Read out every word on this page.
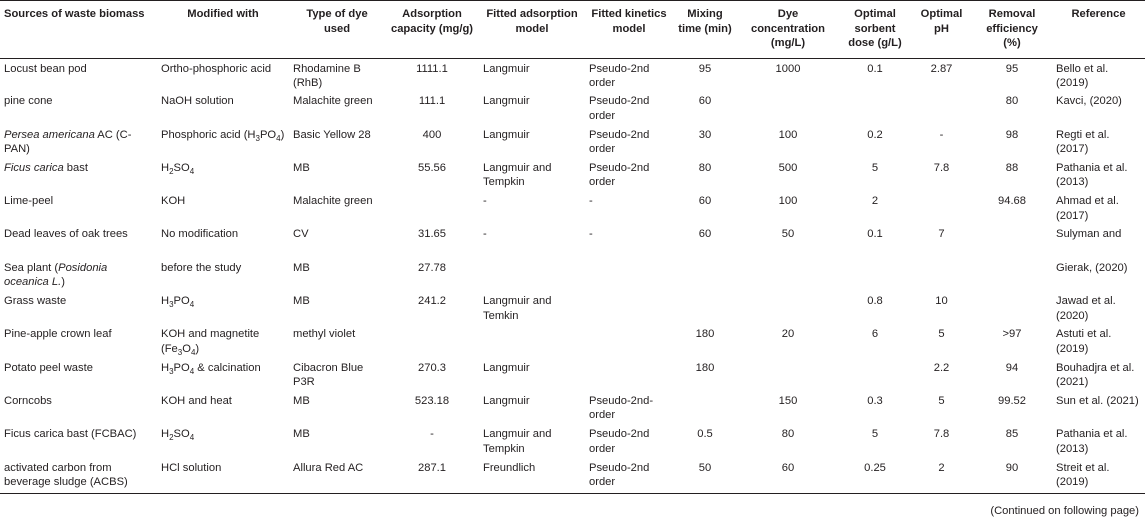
Sources of waste biomass	Modified with	Type of dye used	Adsorption capacity (mg/g)	Fitted adsorption model	Fitted kinetics model	Mixing time (min)	Dye concentration (mg/L)	Optimal sorbent dose (g/L)	Optimal pH	Removal efficiency (%)	Reference
Locust bean pod	Ortho-phosphoric acid	Rhodamine B (RhB)	1111.1	Langmuir	Pseudo-2nd order	95	1000	0.1	2.87	95	Bello et al. (2019)
pine cone	NaOH solution	Malachite green	111.1	Langmuir	Pseudo-2nd order	60				80	Kavci, (2020)
Persea americana AC (C-PAN)	Phosphoric acid $(H_3PO_4)$	Basic Yellow 28	400	Langmuir	Pseudo-2nd order	30	100	0.2	-	98	Regti et al. (2017)
Ficus carica bast	$H_2SO_4$	MB	55.56	Langmuir and Tempkin	Pseudo-2nd order	80	500	5	7.8	88	Pathania et al. (2013)
Lime-peel	KOH	Malachite green		-	-	60	100	2		94.68	Ahmad et al. (2017)
Dead leaves of oak trees	No modification	CV	31.65	-	-	60	50	0.1	7		Sulyman and
Sea plant (Posidonia oceanica L.)	before the study	MB	27.78								Gierak, (2020)
Grass waste	$H_3PO_4$	MB	241.2	Langmuir and Temkin				0.8	10		Jawad et al. (2020)
Pine-apple crown leaf	KOH and magnetite $(Fe_3O_4)$	methyl violet				180	20	6	5	>97	Astuti et al. (2019)
Potato peel waste	$H_3PO_4$ & calcination	Cibacron Blue P3R	270.3	Langmuir		180			2.2	94	Bouhadjra et al. (2021)
Corncobs	KOH and heat	MB	523.18	Langmuir	Pseudo-2nd-order		150	0.3	5	99.52	Sun et al. (2021)
Ficus carica bast (FCBAC)	$H_2SO_4$	MB	-	Langmuir and Tempkin	Pseudo-2nd order	0.5	80	5	7.8	85	Pathania et al. (2013)
activated carbon from beverage sludge (ACBS)	HCl solution	Allura Red AC	287.1	Freundlich	Pseudo-2nd order	50	60	0.25	2	90	Streit et al. (2019)
(Continued on following page)
